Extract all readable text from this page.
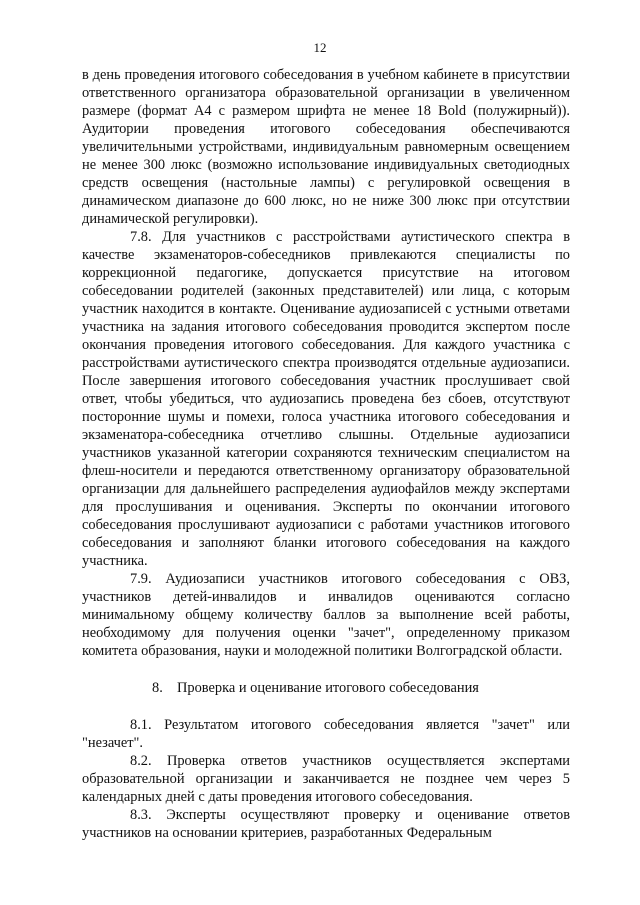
12

в день проведения итогового собеседования в учебном кабинете в присутствии ответственного организатора образовательной организации в увеличенном размере (формат А4 с размером шрифта не менее 18 Bold (полужирный)). Аудитории проведения итогового собеседования обеспечиваются увеличительными устройствами, индивидуальным равномерным освещением не менее 300 люкс (возможно использование индивидуальных светодиодных средств освещения (настольные лампы) с регулировкой освещения в динамическом диапазоне до 600 люкс, но не ниже 300 люкс при отсутствии динамической регулировки).

7.8. Для участников с расстройствами аутистического спектра в качестве экзаменаторов-собеседников привлекаются специалисты по коррекционной педагогике, допускается присутствие на итоговом собеседовании родителей (законных представителей) или лица, с которым участник находится в контакте. Оценивание аудиозаписей с устными ответами участника на задания итогового собеседования проводится экспертом после окончания проведения итогового собеседования. Для каждого участника с расстройствами аутистического спектра производятся отдельные аудиозаписи. После завершения итогового собеседования участник прослушивает свой ответ, чтобы убедиться, что аудиозапись проведена без сбоев, отсутствуют посторонние шумы и помехи, голоса участника итогового собеседования и экзаменатора-собеседника отчетливо слышны. Отдельные аудиозаписи участников указанной категории сохраняются техническим специалистом на флеш-носители и передаются ответственному организатору образовательной организации для дальнейшего распределения аудиофайлов между экспертами для прослушивания и оценивания. Эксперты по окончании итогового собеседования прослушивают аудиозаписи с работами участников итогового собеседования и заполняют бланки итогового собеседования на каждого участника.

7.9. Аудиозаписи участников итогового собеседования с ОВЗ, участников детей-инвалидов и инвалидов оцениваются согласно минимальному общему количеству баллов за выполнение всей работы, необходимому для получения оценки "зачет", определенному приказом комитета образования, науки и молодежной политики Волгоградской области.

8. Проверка и оценивание итогового собеседования

8.1. Результатом итогового собеседования является "зачет" или "незачет".

8.2. Проверка ответов участников осуществляется экспертами образовательной организации и заканчивается не позднее чем через 5 календарных дней с даты проведения итогового собеседования.

8.3. Эксперты осуществляют проверку и оценивание ответов участников на основании критериев, разработанных Федеральным
